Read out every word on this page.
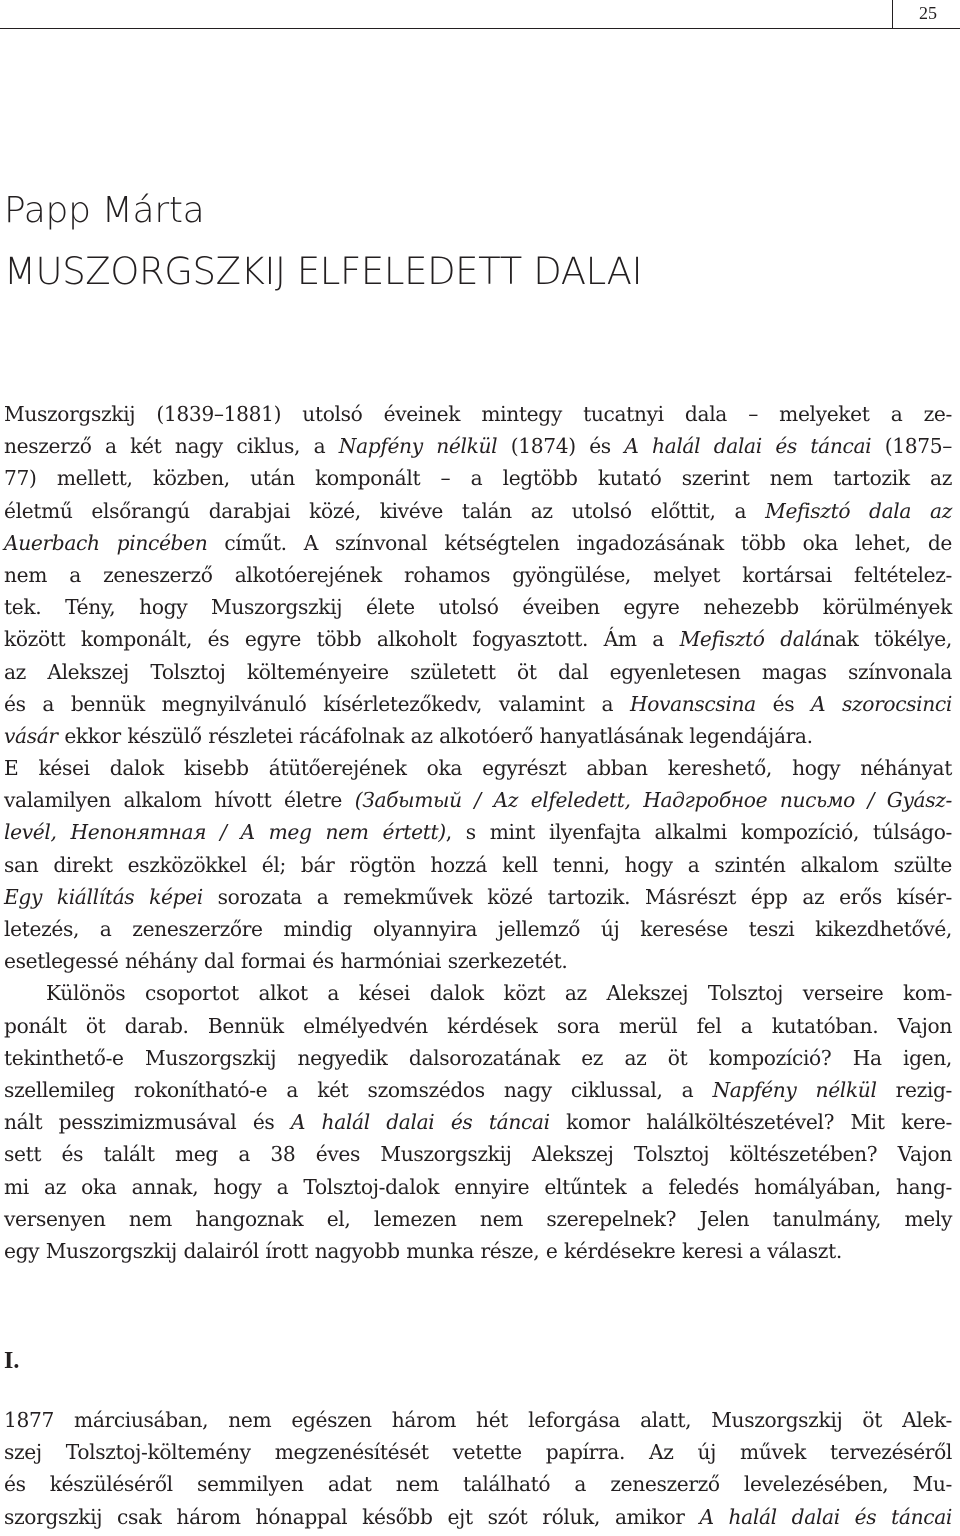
25
Papp Márta
MUSZORGSZKIJ ELFELEDETT DALAI
Muszorgszkij (1839–1881) utolsó éveinek mintegy tucatnyi dala – melyeket a ze-
neszerző a két nagy ciklus, a Napfény nélkül (1874) és A halál dalai és táncai (1875–
77) mellett, közben, után komponált – a legtöbb kutató szerint nem tartozik az
életmű elsőrangú darabjai közé, kivéve talán az utolsó előttit, a Mefisztó dala az
Auerbach pincében címűt. A színvonal kétségtelen ingadozásának több oka lehet, de
nem a zeneszerző alkotóerejének rohamos gyöngülése, melyet kortársai feltételez-
tek. Tény, hogy Muszorgszkij élete utolsó éveiben egyre nehezebb körülmények
között komponált, és egyre több alkoholt fogyasztott. Ám a Mefisztó dalának tökélye,
az Alekszej Tolsztoj költeményeire született öt dal egyenletesen magas színvonala
és a bennük megnyilvánuló kísérletezőkedv, valamint a Hovanscsina és A szorocsinci
vásár ekkor készülő részletei rácáfolnak az alkotóerő hanyatlásának legendájára.
E kései dalok kisebb átütőerejének oka egyrészt abban kereshető, hogy néhányat
valamilyen alkalom hívott életre (Забытый / Az elfeledett, Надгробное письмо / Gyász-
levél, Непонятная / A meg nem értett), s mint ilyenfajta alkalmi kompozíció, túlságo-
san direkt eszközökkel él; bár rögtön hozzá kell tenni, hogy a szintén alkalom szülte
Egy kiállítás képei sorozata a remekművek közé tartozik. Másrészt épp az erős kísér-
letezés, a zeneszerzőre mindig olyannyira jellemző új keresése teszi kikezdhetővé,
esetlegessé néhány dal formai és harmóniai szerkezetét.
Különös csoportot alkot a kései dalok közt az Alekszej Tolsztoj verseire kom-
ponált öt darab. Bennük elmélyedvén kérdések sora merül fel a kutatóban. Vajon
tekinthető-e Muszorgszkij negyedik dalsorozatának ez az öt kompozíció? Ha igen,
szellemileg rokonítható-e a két szomszédos nagy ciklussal, a Napfény nélkül rezig-
nált pesszimizmusával és A halál dalai és táncai komor halálköltészetével? Mit kere-
sett és talált meg a 38 éves Muszorgszkij Alekszej Tolsztoj költészetében? Vajon
mi az oka annak, hogy a Tolsztoj-dalok ennyire eltűntek a feledés homályában, hang-
versenyen nem hangoznak el, lemezen nem szerepelnek? Jelen tanulmány, mely
egy Muszorgszkij dalairól írott nagyobb munka része, e kérdésekre keresi a választ.
I.
1877 márciusában, nem egészen három hét leforgása alatt, Muszorgszkij öt Alek-
szej Tolsztoj-költemény megzenésítését vetette papírra. Az új művek tervezéséről
és készüléséről semmilyen adat nem található a zeneszerző levelezésében, Mu-
szorgszkij csak három hónappal később ejt szót róluk, amikor A halál dalai és táncai
